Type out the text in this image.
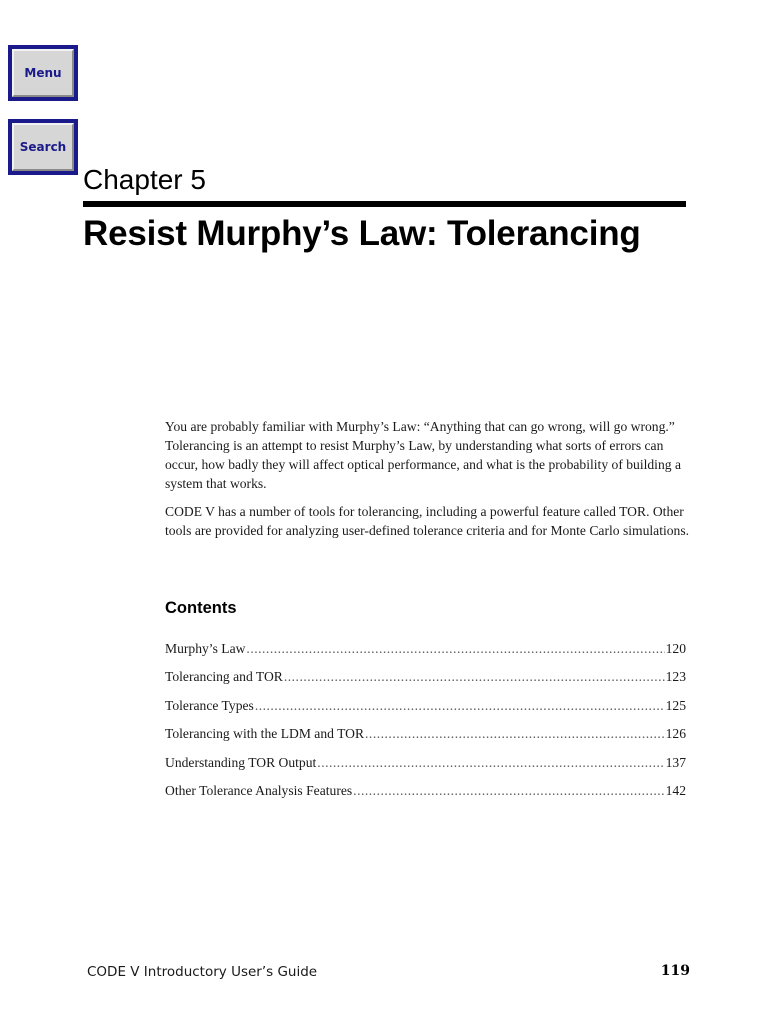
Menu
Search
Chapter 5
Resist Murphy’s Law: Tolerancing

You are probably familiar with Murphy’s Law: “Anything that can go wrong, will go wrong.” Tolerancing is an attempt to resist Murphy’s Law, by understanding what sorts of errors can occur, how badly they will affect optical performance, and what is the probability of building a system that works.

CODE V has a number of tools for tolerancing, including a powerful feature called TOR. Other tools are provided for analyzing user-defined tolerance criteria and for Monte Carlo simulations.

Contents
Murphy’s Law .....	120
Tolerancing and TOR .....	123
Tolerance Types .....	125
Tolerancing with the LDM and TOR .....	126
Understanding TOR Output .....	137
Other Tolerance Analysis Features .....	142
CODE V Introductory User’s Guide	119
